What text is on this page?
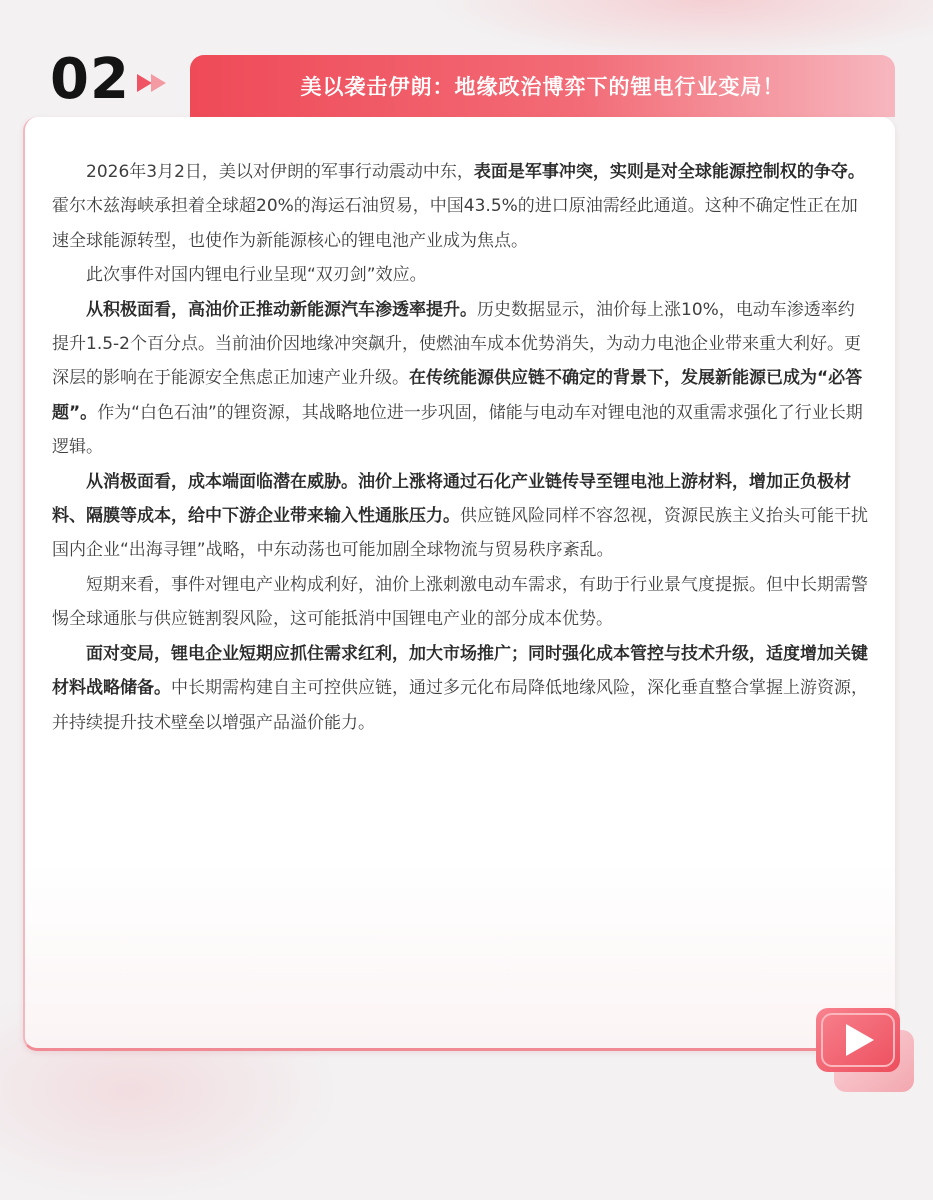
02	美以袭击伊朗：地缘政治博弈下的锂电行业变局！

2026年3月2日，美以对伊朗的军事行动震动中东，表面是军事冲突，实则是对全球能源控制权的争夺。霍尔木兹海峡承担着全球超20%的海运石油贸易，中国43.5%的进口原油需经此通道。这种不确定性正在加速全球能源转型，也使作为新能源核心的锂电池产业成为焦点。

此次事件对国内锂电行业呈现“双刃剑”效应。

从积极面看，高油价正推动新能源汽车渗透率提升。历史数据显示，油价每上涨10%，电动车渗透率约提升1.5-2个百分点。当前油价因地缘冲突飙升，使燃油车成本优势消失，为动力电池企业带来重大利好。更深层的影响在于能源安全焦虑正加速产业升级。在传统能源供应链不确定的背景下，发展新能源已成为“必答题”。作为“白色石油”的锂资源，其战略地位进一步巩固，储能与电动车对锂电池的双重需求强化了行业长期逻辑。

从消极面看，成本端面临潜在威胁。油价上涨将通过石化产业链传导至锂电池上游材料，增加正负极材料、隔膜等成本，给中下游企业带来输入性通胀压力。供应链风险同样不容忽视，资源民族主义抬头可能干扰国内企业“出海寻锂”战略，中东动荡也可能加剧全球物流与贸易秩序紊乱。

短期来看，事件对锂电产业构成利好，油价上涨刺激电动车需求，有助于行业景气度提振。但中长期需警惕全球通胀与供应链割裂风险，这可能抵消中国锂电产业的部分成本优势。

面对变局，锂电企业短期应抓住需求红利，加大市场推广；同时强化成本管控与技术升级，适度增加关键材料战略储备。中长期需构建自主可控供应链，通过多元化布局降低地缘风险，深化垂直整合掌握上游资源，并持续提升技术壁垒以增强产品溢价能力。
